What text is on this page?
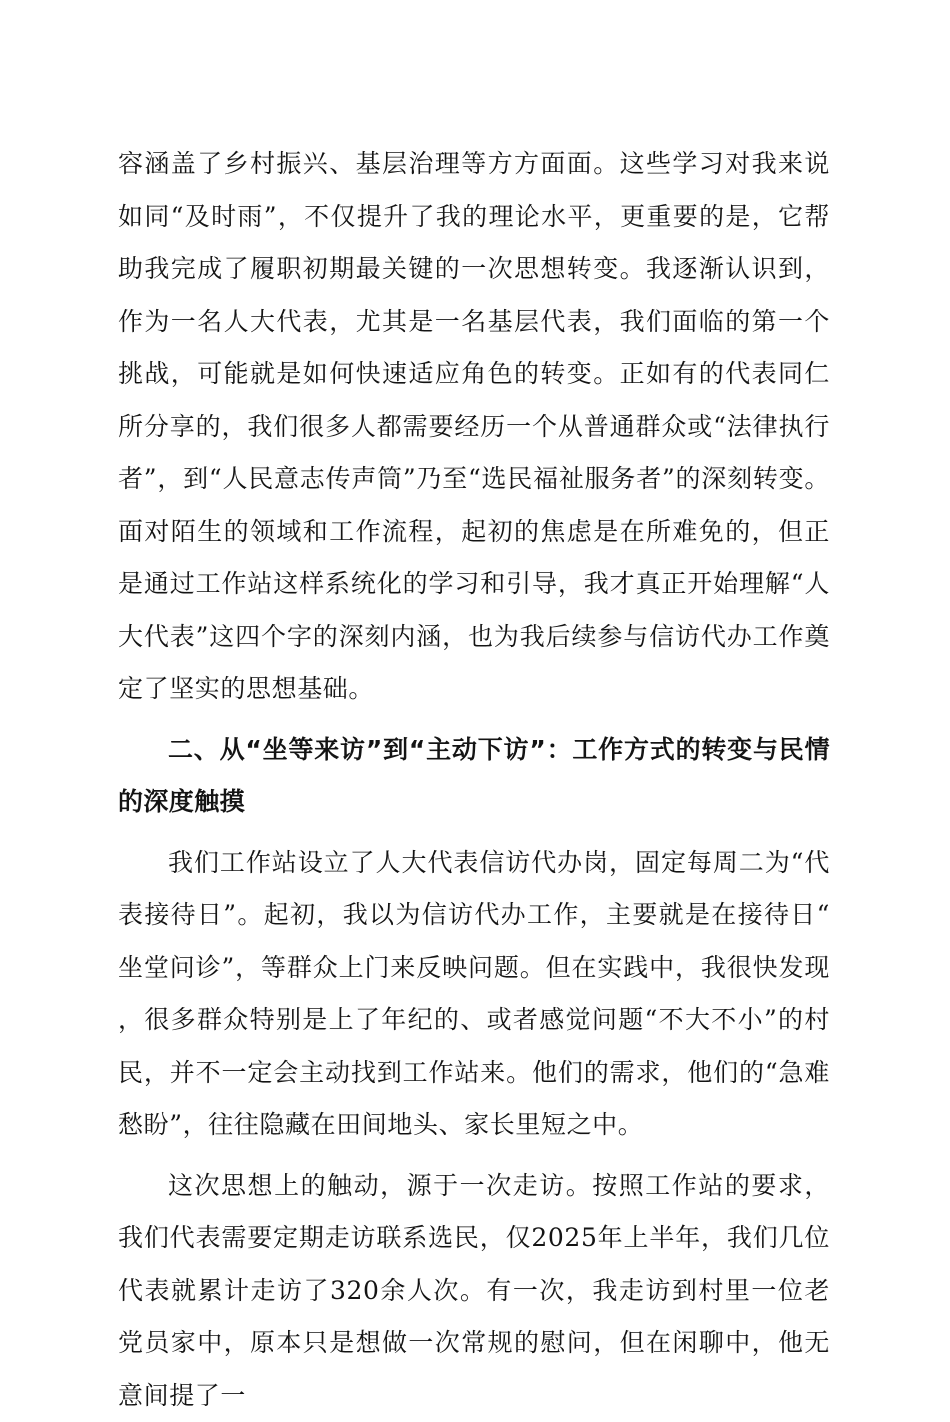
容涵盖了乡村振兴、基层治理等方方面面。这些学习对我来说如同“及时雨”，不仅提升了我的理论水平，更重要的是，它帮助我完成了履职初期最关键的一次思想转变。我逐渐认识到，作为一名人大代表，尤其是一名基层代表，我们面临的第一个挑战，可能就是如何快速适应角色的转变。正如有的代表同仁所分享的，我们很多人都需要经历一个从普通群众或“法律执行者”，到“人民意志传声筒”乃至“选民福祉服务者”的深刻转变。面对陌生的领域和工作流程，起初的焦虑是在所难免的，但正是通过工作站这样系统化的学习和引导，我才真正开始理解“人大代表”这四个字的深刻内涵，也为我后续参与信访代办工作奠定了坚实的思想基础。

二、从“坐等来访”到“主动下访”：工作方式的转变与民情的深度触摸

我们工作站设立了人大代表信访代办岗，固定每周二为“代表接待日”。起初，我以为信访代办工作，主要就是在接待日“坐堂问诊”，等群众上门来反映问题。但在实践中，我很快发现，很多群众特别是上了年纪的、或者感觉问题“不大不小”的村民，并不一定会主动找到工作站来。他们的需求，他们的“急难愁盼”，往往隐藏在田间地头、家长里短之中。

这次思想上的触动，源于一次走访。按照工作站的要求，我们代表需要定期走访联系选民，仅2025年上半年，我们几位代表就累计走访了320余人次。有一次，我走访到村里一位老党员家中，原本只是想做一次常规的慰问，但在闲聊中，他无意间提了一
